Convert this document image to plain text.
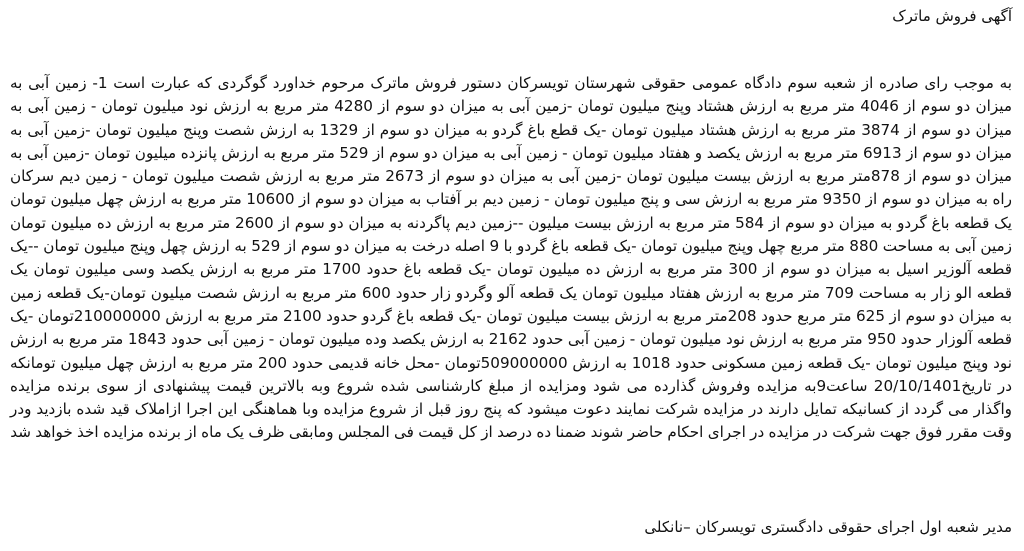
آگهی فروش ماترک
به موجب رای صادره از شعبه سوم دادگاه عمومی حقوقی شهرستان تویسرکان دستور فروش ماترک مرحوم خداورد گوگردی که عبارت است 1- زمین آبی به میزان دو سوم از 4046 متر مربع به ارزش هشتاد وپنج میلیون تومان -زمین آبی به میزان دو سوم از 4280 متر مربع به ارزش نود میلیون تومان - زمین آبی به میزان دو سوم از 3874 متر مربع به ارزش هشتاد میلیون تومان -یک قطع باغ گردو به میزان دو سوم از 1329 به ارزش شصت وپنج میلیون تومان -زمین آبی به میزان دو سوم از 6913 متر مربع به ارزش یکصد و هفتاد میلیون تومان - زمین آبی به میزان دو سوم از 529 متر مربع به ارزش پانزده میلیون تومان -زمین آبی به میزان دو سوم از 878متر مربع به ارزش بیست میلیون تومان -زمین آبی به میزان دو سوم از 2673 متر مربع به ارزش شصت میلیون تومان - زمین دیم سرکان راه به میزان دو سوم از 9350 متر مربع به ارزش سی و پنج میلیون تومان - زمین دیم بر آفتاب به میزان دو سوم از 10600 متر مربع به ارزش چهل میلیون تومان یک قطعه باغ گردو به میزان دو سوم از 584 متر مربع به ارزش بیست میلیون --زمین دیم پاگردنه به میزان دو سوم از 2600 متر مربع به ارزش ده میلیون تومان زمین آبی به مساحت 880 متر مربع چهل وپنج میلیون تومان -یک قطعه باغ گردو با 9 اصله درخت به میزان دو سوم از 529 به ارزش چهل وپنج میلیون تومان --یک قطعه آلوزیر اسیل به میزان دو سوم از 300 متر مربع به ارزش ده میلیون تومان -یک قطعه باغ حدود 1700 متر مربع به ارزش یکصد وسی میلیون تومان یک قطعه الو زار به مساحت 709 متر مربع به ارزش هفتاد میلیون تومان یک قطعه آلو وگردو زار حدود 600 متر مربع به ارزش شصت میلیون تومان-یک قطعه زمین به میزان دو سوم از 625 متر مربع حدود 208متر مربع به ارزش بیست میلیون تومان -یک قطعه باغ گردو حدود 2100 متر مربع به ارزش 210000000تومان -یک قطعه آلوزار حدود 950 متر مربع به ارزش نود میلیون تومان - زمین آبی حدود 2162 به ارزش یکصد وده میلیون تومان - زمین آبی حدود 1843 متر مربع به ارزش نود وپنج میلیون تومان -یک قطعه زمین مسکونی حدود 1018 به ارزش 509000000تومان -محل خانه قدیمی حدود 200 متر مربع به ارزش چهل میلیون تومانکه در تاریخ20/10/1401 ساعت9به مزایده وفروش گذارده می شود ومزایده از مبلغ کارشناسی شده شروع وبه بالاترین قیمت پیشنهادی از سوی برنده مزایده واگذار می گردد از کسانیکه تمایل دارند در مزایده شرکت نمایند دعوت میشود که پنج روز قبل از شروع مزایده وبا هماهنگی این اجرا ازاملاک قید شده بازدید ودر وقت مقرر فوق جهت شرکت در مزایده در اجرای احکام حاضر شوند ضمنا ده درصد از کل قیمت فی المجلس ومابقی ظرف یک ماه از برنده مزایده اخذ خواهد شد
مدیر شعبه اول اجرای حقوقی دادگستری تویسرکان –نانکلی
